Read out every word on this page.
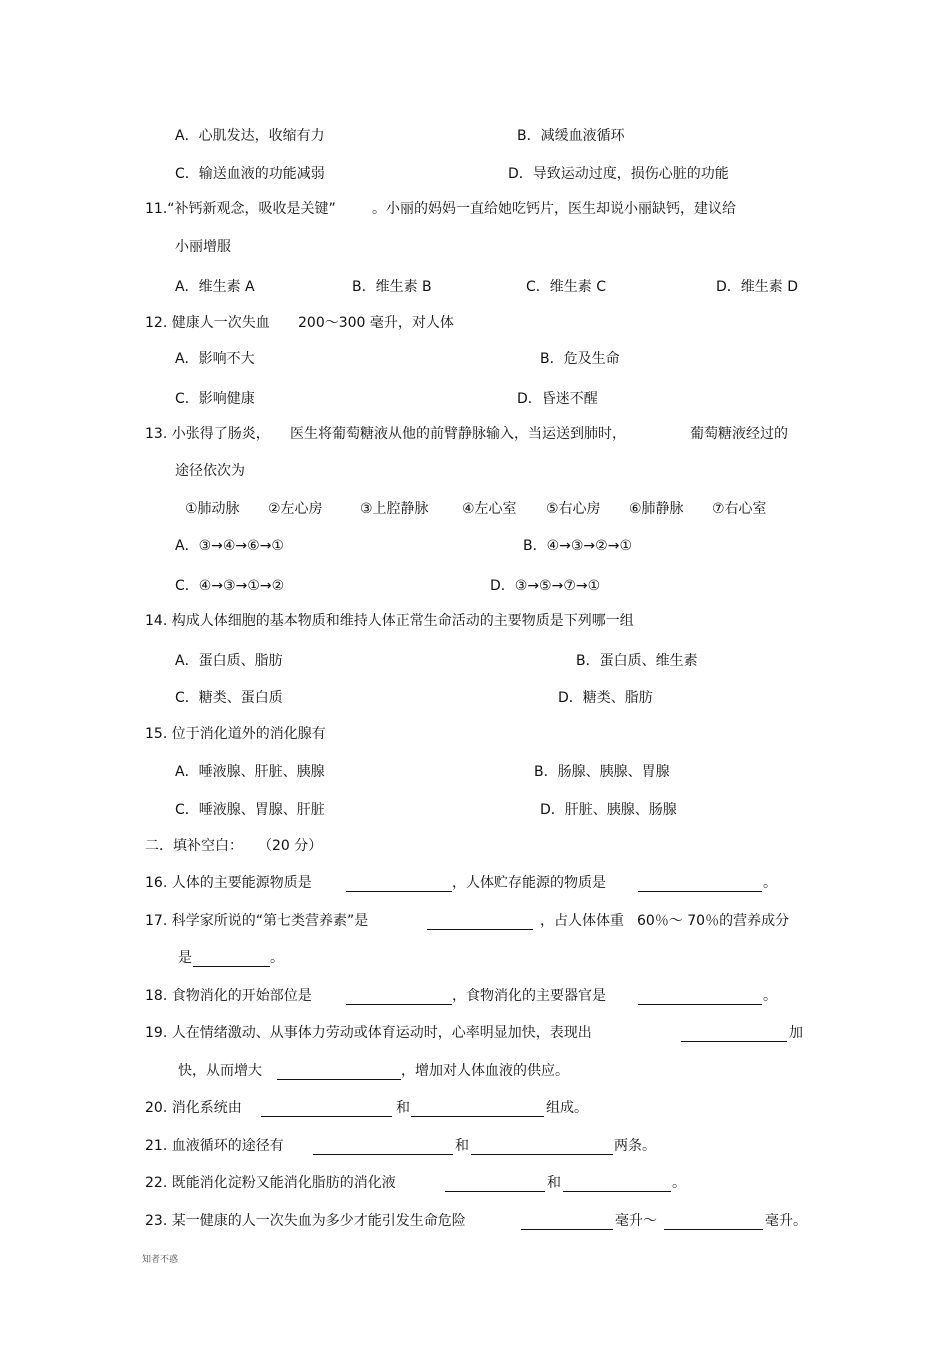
A．心肌发达，收缩有力	B．减缓血液循环
C．输送血液的功能减弱	D．导致运动过度，损伤心脏的功能
11.“补钙新观念，吸收是关键”	。小丽的妈妈一直给她吃钙片，医生却说小丽缺钙，建议给
小丽增服
A．维生素 A	B．维生素 B	C．维生素 C	D．维生素 D
12. 健康人一次失血 200～300 毫升，对人体
A．影响不大	B．危及生命
C．影响健康	D．昏迷不醒
13. 小张得了肠炎， 医生将葡萄糖液从他的前臂静脉输入，当运送到肺时，	葡萄糖液经过的
途径依次为
①肺动脉 ②左心房	③上腔静脉 ④左心室 ⑤右心房 ⑥肺静脉 ⑦右心室
A．③→④→⑥→①	B．④→③→②→①
C．④→③→①→②	D．③→⑤→⑦→①
14. 构成人体细胞的基本物质和维持人体正常生命活动的主要物质是下列哪一组
A．蛋白质、脂肪	B．蛋白质、维生素
C．糖类、蛋白质	D．糖类、脂肪
15. 位于消化道外的消化腺有
A．唾液腺、肝脏、胰腺	B．肠腺、胰腺、胃腺
C．唾液腺、胃腺、肝脏	D．肝脏、胰腺、肠腺
二．填补空白： （20 分）
16. 人体的主要能源物质是	，人体贮存能源的物质是	。
17. 科学家所说的“第七类营养素”是	，占人体体重 60％～ 70％的营养成分
是	。
18. 食物消化的开始部位是	，食物消化的主要器官是	。
19. 人在情绪激动、从事体力劳动或体育运动时，心率明显加快，表现出	加
快，从而增大	，增加对人体血液的供应。
20. 消化系统由	和	组成。
21. 血液循环的途径有	和	两条。
22. 既能消化淀粉又能消化脂肪的消化液	和	。
23. 某一健康的人一次失血为多少才能引发生命危险	毫升～	毫升。
知者不惑
